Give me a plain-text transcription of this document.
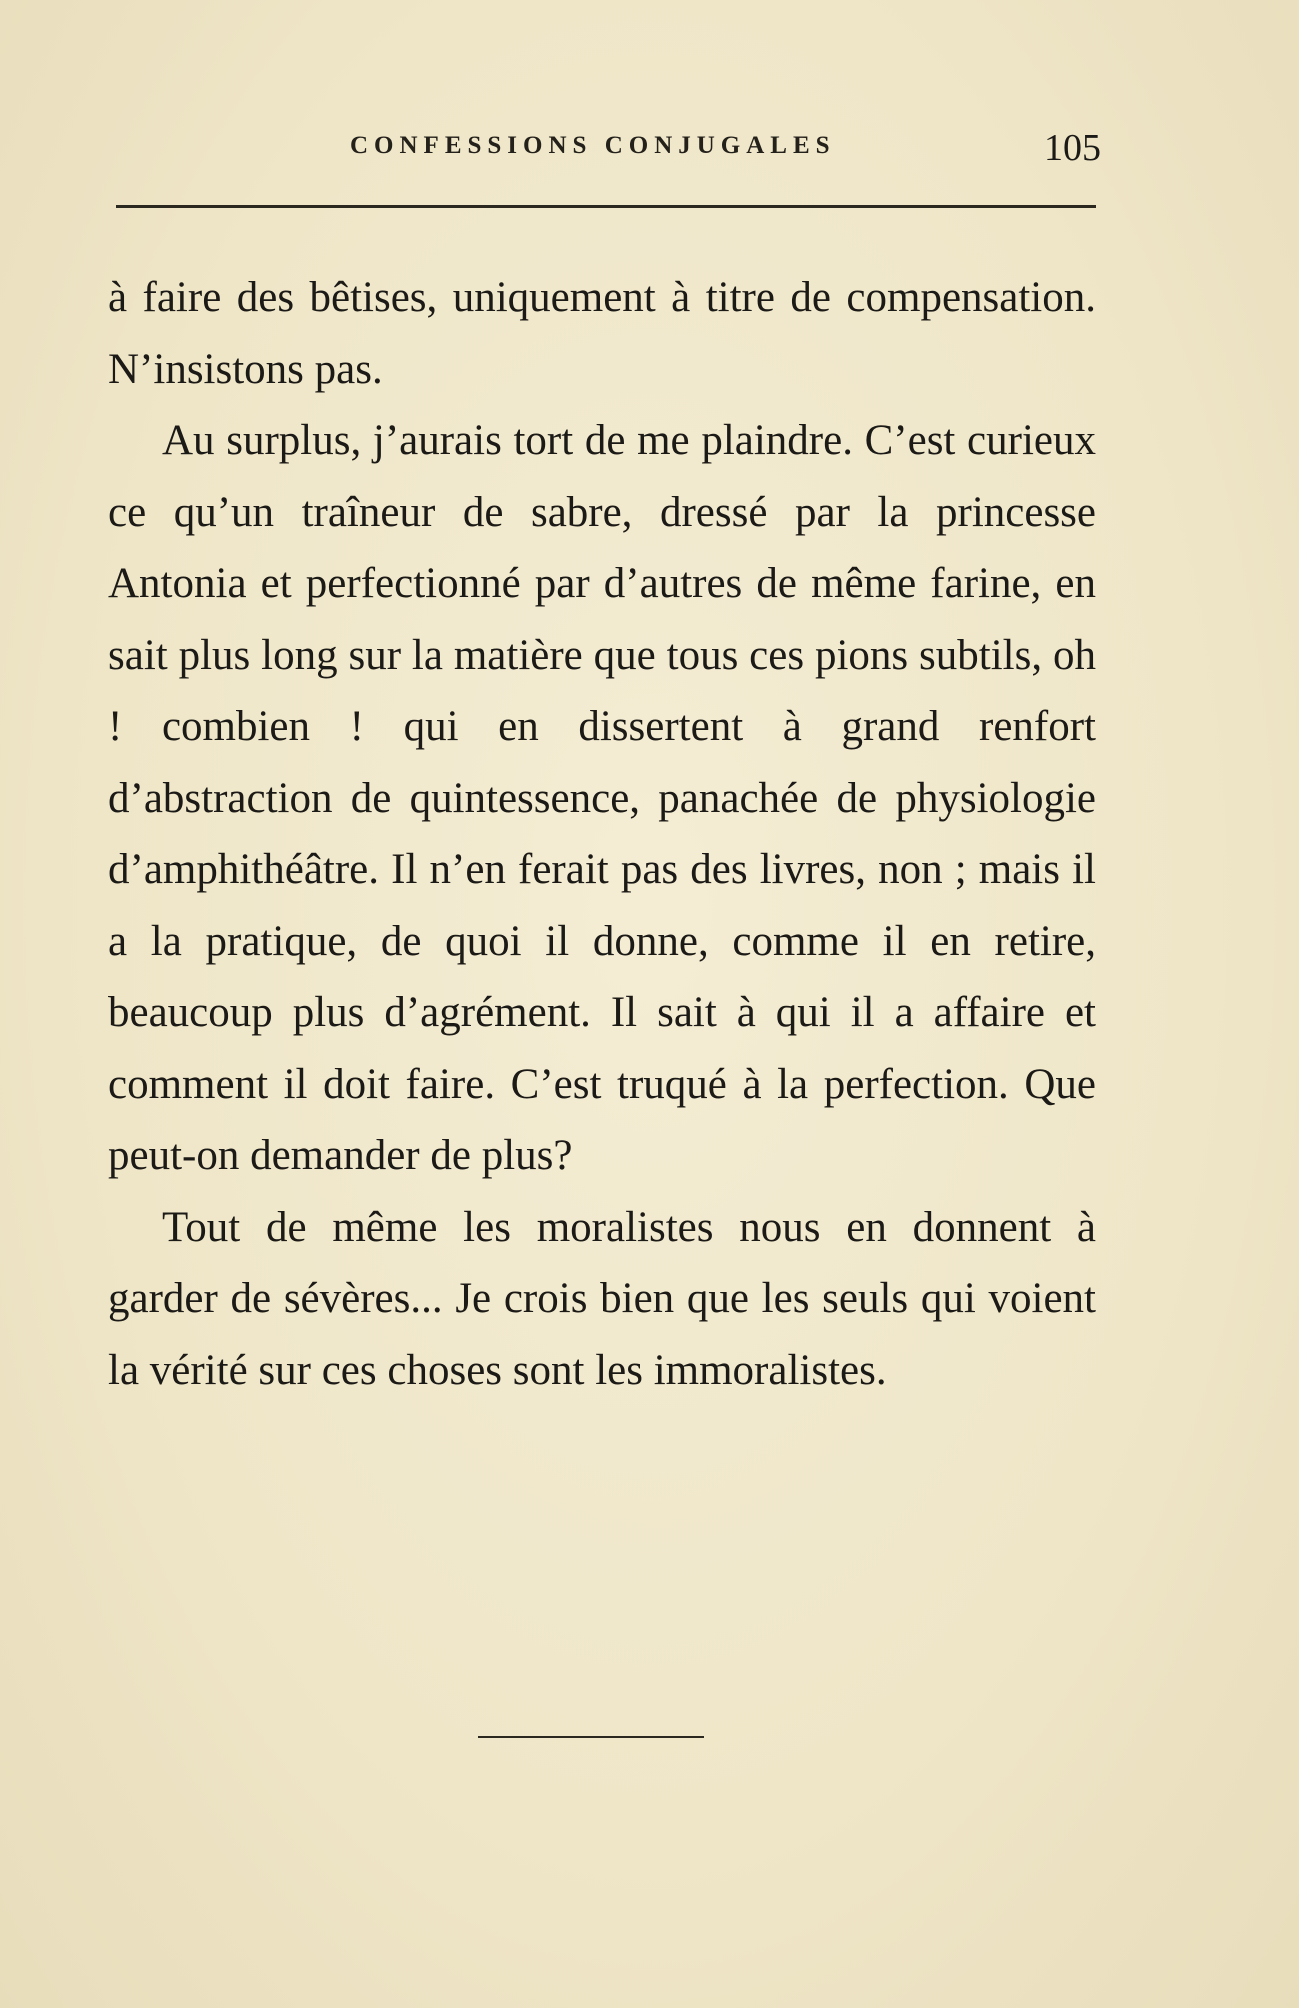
CONFESSIONS CONJUGALES	105

à faire des bêtises, uniquement à titre de compensation. N’insistons pas.

Au surplus, j’aurais tort de me plaindre. C’est curieux ce qu’un traîneur de sabre, dressé par la princesse Antonia et perfectionné par d’autres de même farine, en sait plus long sur la matière que tous ces pions subtils, oh ! combien ! qui en dissertent à grand renfort d’abstraction de quintessence, panachée de physiologie d’amphithéâtre. Il n’en ferait pas des livres, non ; mais il a la pratique, de quoi il donne, comme il en retire, beaucoup plus d’agrément. Il sait à qui il a affaire et comment il doit faire. C’est truqué à la perfection. Que peut-on demander de plus?

Tout de même les moralistes nous en donnent à garder de sévères... Je crois bien que les seuls qui voient la vérité sur ces choses sont les immoralistes.
